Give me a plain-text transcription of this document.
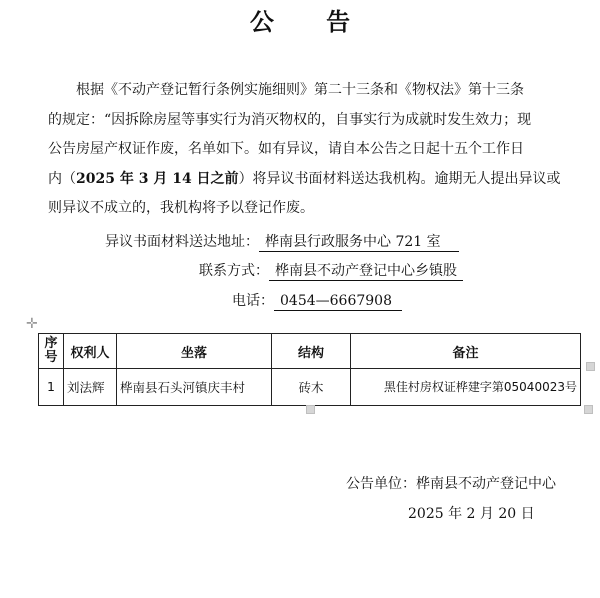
公 告
根据《不动产登记暂行条例实施细则》第二十三条和《物权法》第十三条
的规定：“因拆除房屋等事实行为消灭物权的，自事实行为成就时发生效力；现
公告房屋产权证作废，名单如下。如有异议，请自本公告之日起十五个工作日
内（2025 年 3 月 14 日之前）将异议书面材料送达我机构。逾期无人提出异议或
则异议不成立的，我机构将予以登记作废。
异议书面材料送达地址： 桦南县行政服务中心 721 室
联系方式： 桦南县不动产登记中心乡镇股
电话： 0454—6667908
✛
序号	权利人	坐落	结构	备注
1	刘法辉	桦南县石头河镇庆丰村	砖木	黑佳村房权证桦建字第05040023号
公告单位：桦南县不动产登记中心
2025 年 2 月 20 日
